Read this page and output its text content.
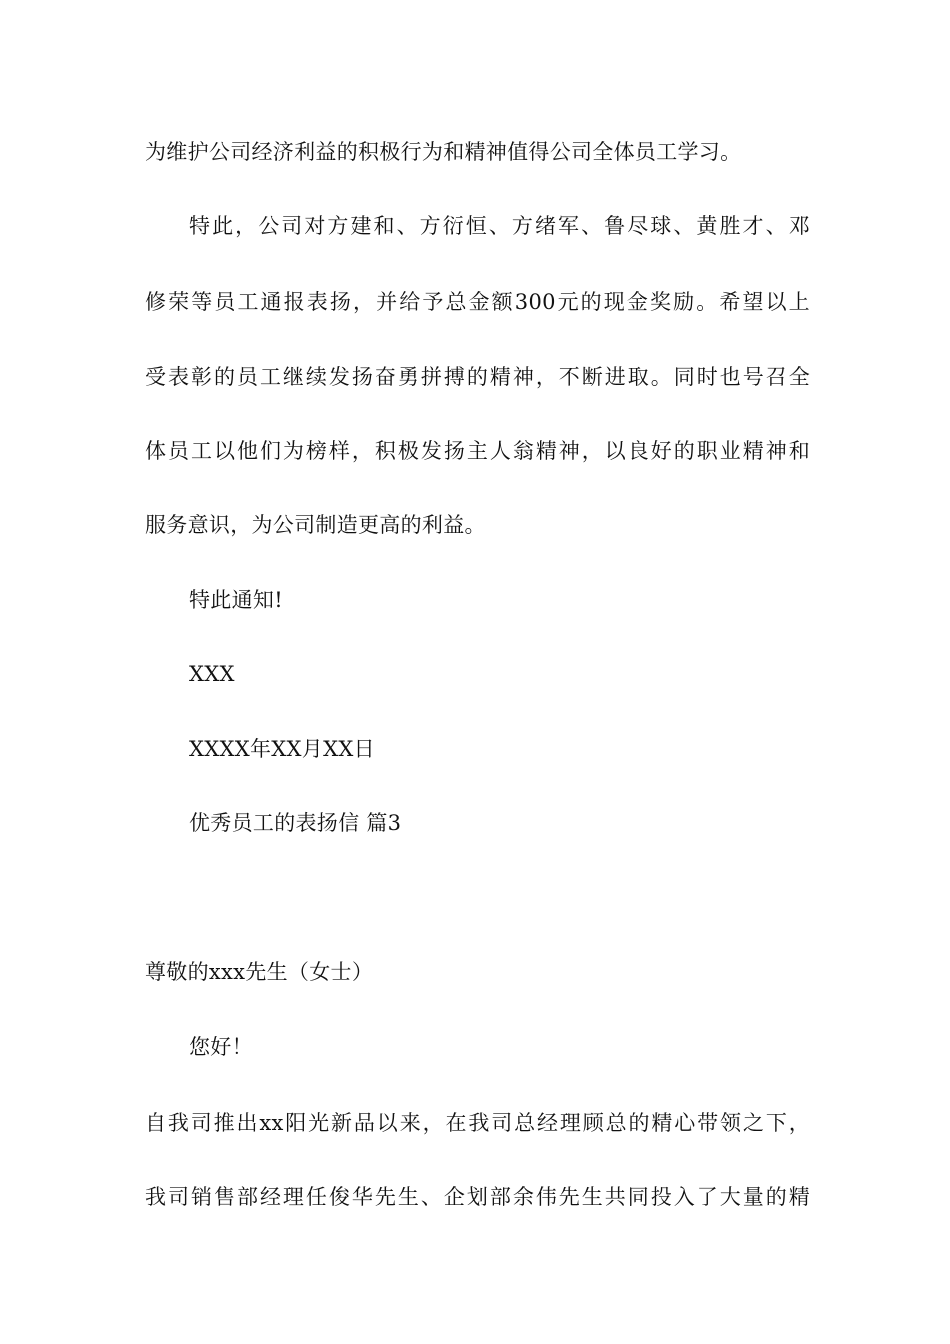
为维护公司经济利益的积极行为和精神值得公司全体员工学习。
特此，公司对方建和、方衍恒、方绪军、鲁尽球、黄胜才、邓
修荣等员工通报表扬，并给予总金额300元的现金奖励。希望以上
受表彰的员工继续发扬奋勇拼搏的精神，不断进取。同时也号召全
体员工以他们为榜样，积极发扬主人翁精神，以良好的职业精神和
服务意识，为公司制造更高的利益。
特此通知!
XXX
XXXX年XX月XX日
优秀员工的表扬信 篇3
尊敬的xxx先生（女士）
您好！
自我司推出xx阳光新品以来，在我司总经理顾总的精心带领之下，
我司销售部经理任俊华先生、企划部余伟先生共同投入了大量的精
